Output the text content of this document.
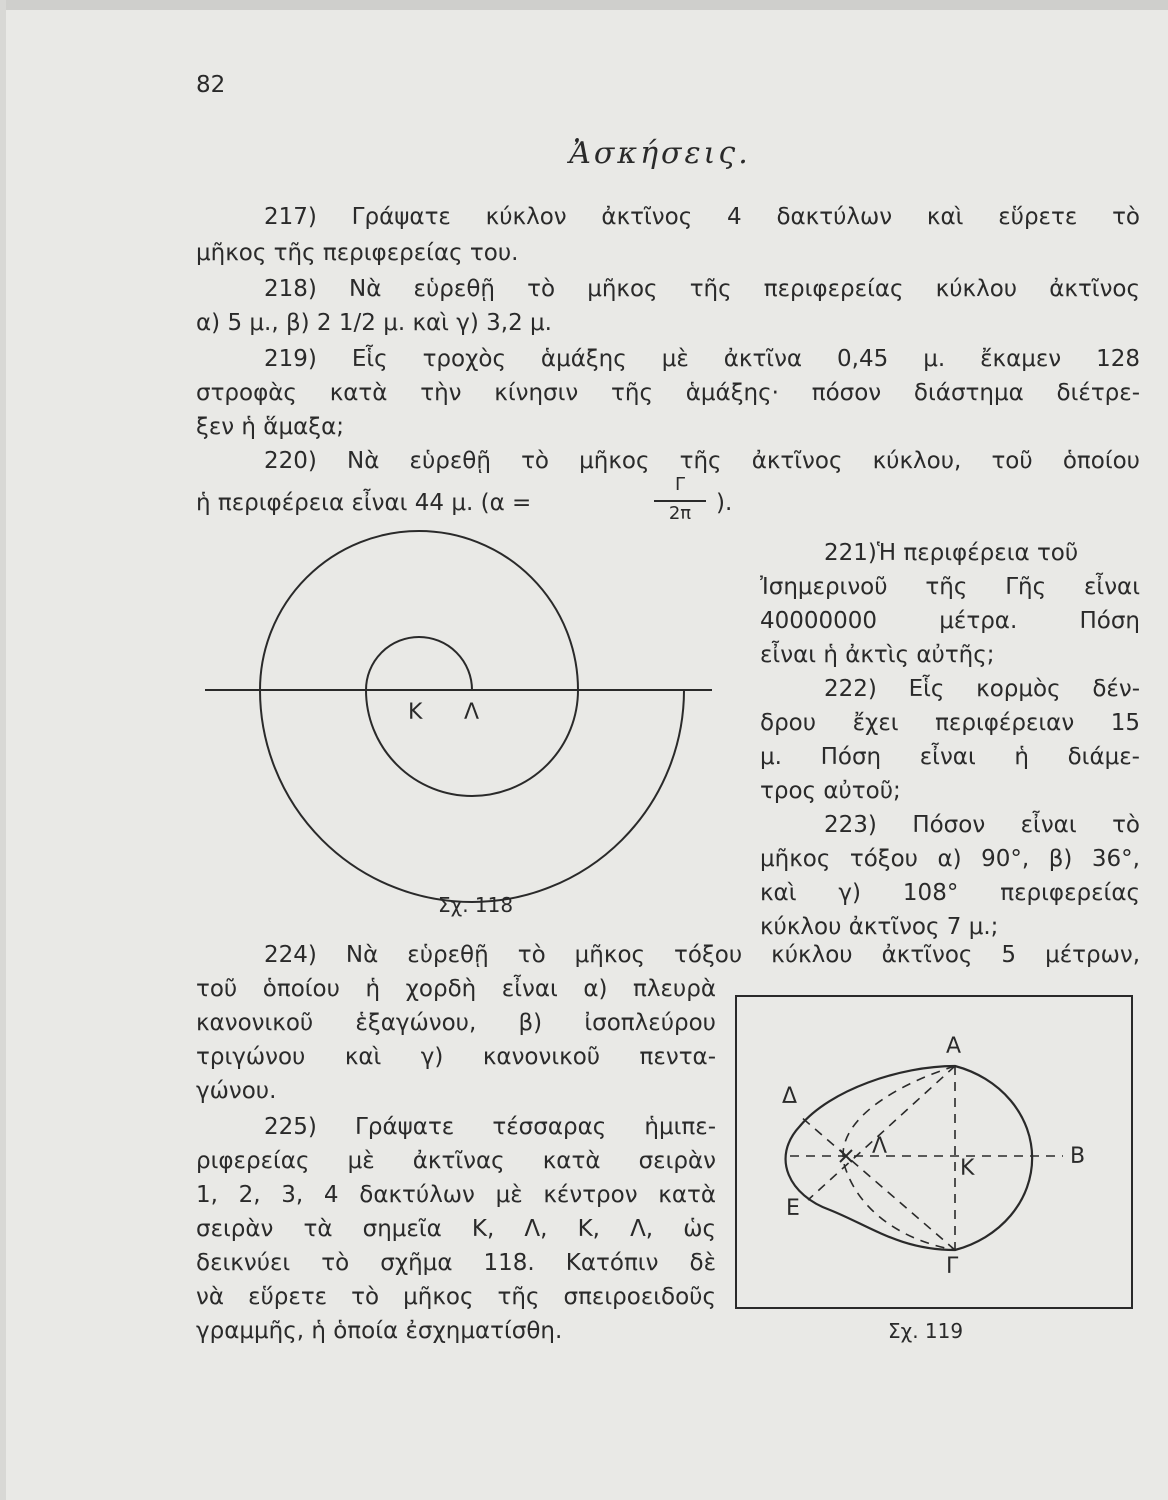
82
Ἀσκήσεις.
217) Γράψατε κύκλον ἀκτῖνος 4 δακτύλων καὶ εὕρετε τὸ
μῆκος τῆς περιφερείας του.
218) Νὰ εὑρεθῇ τὸ μῆκος τῆς περιφερείας κύκλου ἀκτῖνος
α) 5 μ., β) 2 1/2 μ. καὶ γ) 3,2 μ.
219) Εἷς τροχὸς ἁμάξης μὲ ἀκτῖνα 0,45 μ. ἔκαμεν 128
στροφὰς κατὰ τὴν κίνησιν τῆς ἁμάξης· πόσον διάστημα διέτρε-
ξεν ἡ ἅμαξα;
220) Νὰ εὑρεθῇ τὸ μῆκος τῆς ἀκτῖνος κύκλου, τοῦ ὁποίου
ἡ περιφέρεια εἶναι 44 μ. (α =
Γ
2π	).
221)Ἡ περιφέρεια τοῦ
Ἰσημερινοῦ τῆς Γῆς εἶναι
40000000 μέτρα. Πόση
εἶναι ἡ ἀκτὶς αὐτῆς;
222) Εἷς κορμὸς δέν-
δρου ἔχει περιφέρειαν 15
μ. Πόση εἶναι ἡ διάμε-
τρος αὐτοῦ;
223) Πόσον εἶναι τὸ
μῆκος τόξου α) 90°, β) 36°,
καὶ γ) 108° περιφερείας
κύκλου ἀκτῖνος 7 μ.;
Κ Λ
Σχ. 118
224) Νὰ εὑρεθῇ τὸ μῆκος τόξου κύκλου ἀκτῖνος 5 μέτρων,
τοῦ ὁποίου ἡ χορδὴ εἶναι α) πλευρὰ
κανονικοῦ ἑξαγώνου, β) ἰσοπλεύρου
τριγώνου καὶ γ) κανονικοῦ πεντα-
γώνου.
225) Γράψατε τέσσαρας ἡμιπε-
ριφερείας μὲ ἀκτῖνας κατὰ σειρὰν
1, 2, 3, 4 δακτύλων μὲ κέντρον κατὰ
σειρὰν τὰ σημεῖα Κ, Λ, Κ, Λ, ὡς
δεικνύει τὸ σχῆμα 118. Κατόπιν δὲ
νὰ εὕρετε τὸ μῆκος τῆς σπειροειδοῦς
γραμμῆς, ἡ ὁποία ἐσχηματίσθη.
Α
Β
Γ
Δ
Ε
Κ
Λ
Σχ. 119
